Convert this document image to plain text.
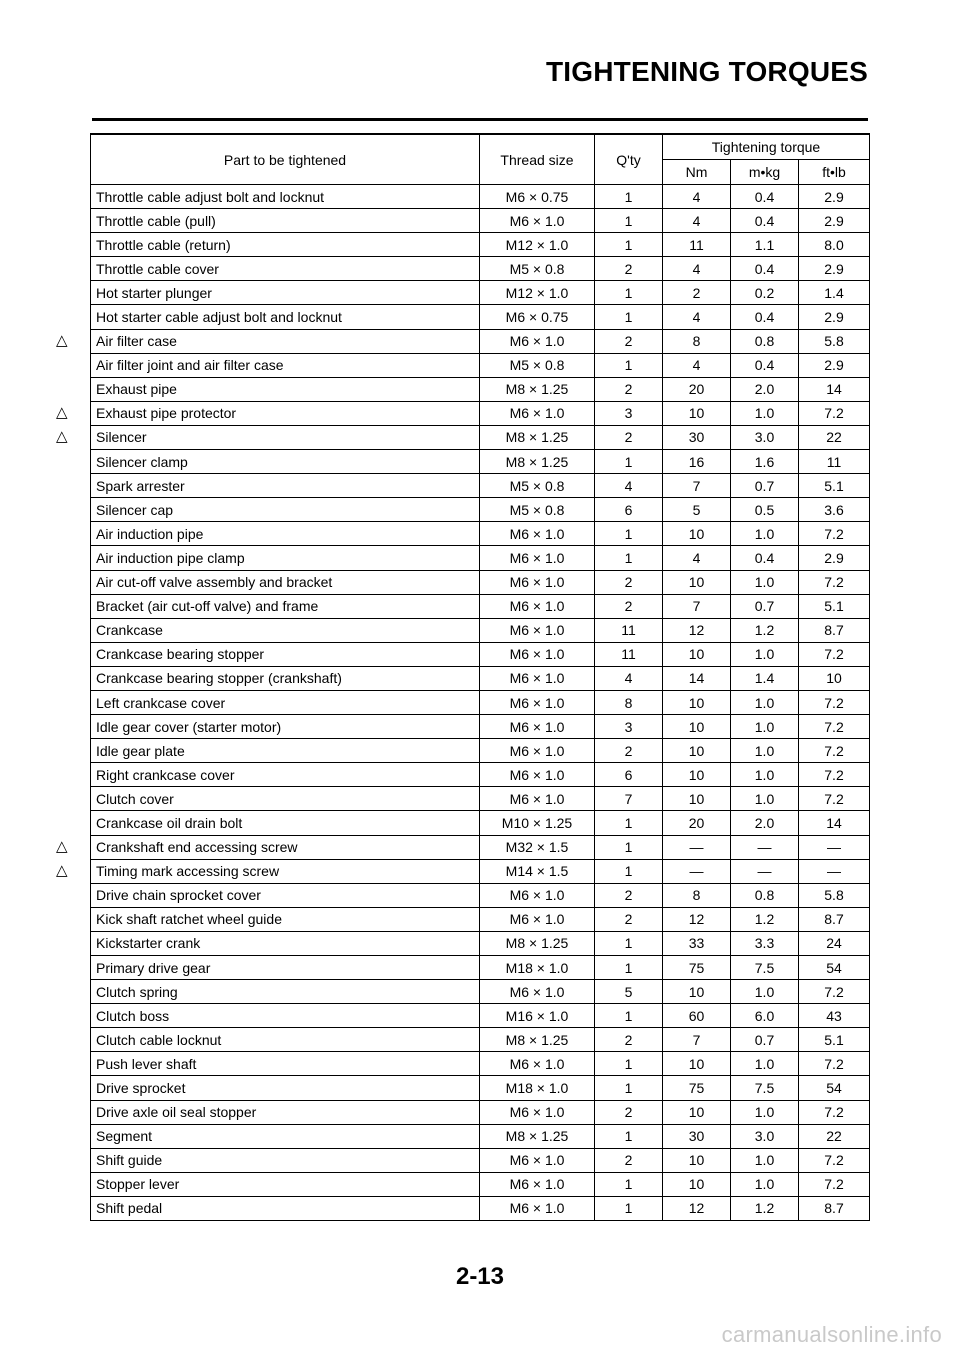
TIGHTENING TORQUES
△
△
△
△
△
Part to be tightened	Thread size	Q'ty	Tightening torque		
			Nm	m•kg	ft•lb
Throttle cable adjust bolt and locknut	M6 × 0.75	1	4	0.4	2.9
Throttle cable (pull)	M6 × 1.0	1	4	0.4	2.9
Throttle cable (return)	M12 × 1.0	1	11	1.1	8.0
Throttle cable cover	M5 × 0.8	2	4	0.4	2.9
Hot starter plunger	M12 × 1.0	1	2	0.2	1.4
Hot starter cable adjust bolt and locknut	M6 × 0.75	1	4	0.4	2.9
Air filter case	M6 × 1.0	2	8	0.8	5.8
Air filter joint and air filter case	M5 × 0.8	1	4	0.4	2.9
Exhaust pipe	M8 × 1.25	2	20	2.0	14
Exhaust pipe protector	M6 × 1.0	3	10	1.0	7.2
Silencer	M8 × 1.25	2	30	3.0	22
Silencer clamp	M8 × 1.25	1	16	1.6	11
Spark arrester	M5 × 0.8	4	7	0.7	5.1
Silencer cap	M5 × 0.8	6	5	0.5	3.6
Air induction pipe	M6 × 1.0	1	10	1.0	7.2
Air induction pipe clamp	M6 × 1.0	1	4	0.4	2.9
Air cut-off valve assembly and bracket	M6 × 1.0	2	10	1.0	7.2
Bracket (air cut-off valve) and frame	M6 × 1.0	2	7	0.7	5.1
Crankcase	M6 × 1.0	11	12	1.2	8.7
Crankcase bearing stopper	M6 × 1.0	11	10	1.0	7.2
Crankcase bearing stopper (crankshaft)	M6 × 1.0	4	14	1.4	10
Left crankcase cover	M6 × 1.0	8	10	1.0	7.2
Idle gear cover (starter motor)	M6 × 1.0	3	10	1.0	7.2
Idle gear plate	M6 × 1.0	2	10	1.0	7.2
Right crankcase cover	M6 × 1.0	6	10	1.0	7.2
Clutch cover	M6 × 1.0	7	10	1.0	7.2
Crankcase oil drain bolt	M10 × 1.25	1	20	2.0	14
Crankshaft end accessing screw	M32 × 1.5	1	—	—	—
Timing mark accessing screw	M14 × 1.5	1	—	—	—
Drive chain sprocket cover	M6 × 1.0	2	8	0.8	5.8
Kick shaft ratchet wheel guide	M6 × 1.0	2	12	1.2	8.7
Kickstarter crank	M8 × 1.25	1	33	3.3	24
Primary drive gear	M18 × 1.0	1	75	7.5	54
Clutch spring	M6 × 1.0	5	10	1.0	7.2
Clutch boss	M16 × 1.0	1	60	6.0	43
Clutch cable locknut	M8 × 1.25	2	7	0.7	5.1
Push lever shaft	M6 × 1.0	1	10	1.0	7.2
Drive sprocket	M18 × 1.0	1	75	7.5	54
Drive axle oil seal stopper	M6 × 1.0	2	10	1.0	7.2
Segment	M8 × 1.25	1	30	3.0	22
Shift guide	M6 × 1.0	2	10	1.0	7.2
Stopper lever	M6 × 1.0	1	10	1.0	7.2
Shift pedal	M6 × 1.0	1	12	1.2	8.7
2-13
carmanualsonline.info
